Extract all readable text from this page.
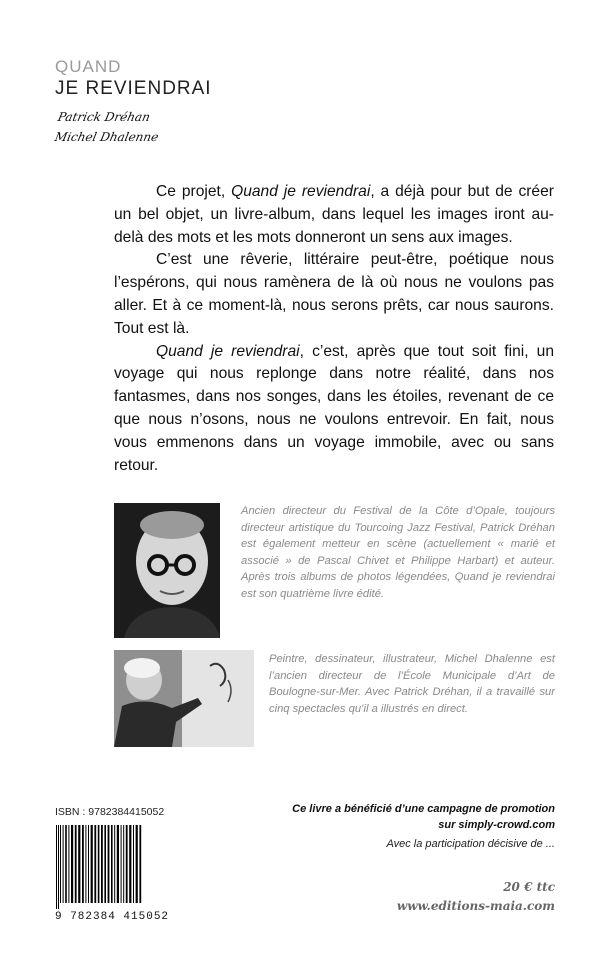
QUAND
JE REVIENDRAI
Patrick Dréhan
Michel Dhalenne

Ce projet, Quand je reviendrai, a déjà pour but de créer un bel objet, un livre-album, dans lequel les images iront au-delà des mots et les mots donneront un sens aux images.

C’est une rêverie, littéraire peut-être, poétique nous l’espérons, qui nous ramènera de là où nous ne voulons pas aller. Et à ce moment-là, nous serons prêts, car nous saurons. Tout est là.

Quand je reviendrai, c’est, après que tout soit fini, un voyage qui nous replonge dans notre réalité, dans nos fantasmes, dans nos songes, dans les étoiles, revenant de ce que nous n’osons, nous ne voulons entrevoir. En fait, nous vous emmenons dans un voyage immobile, avec ou sans retour.

Ancien directeur du Festival de la Côte d’Opale, toujours directeur artistique du Tourcoing Jazz Festival, Patrick Dréhan est également metteur en scène (actuellement « marié et associé » de Pascal Chivet et Philippe Harbart) et auteur. Après trois albums de photos légendées, Quand je reviendrai est son quatrième livre édité.

Peintre, dessinateur, illustrateur, Michel Dhalenne est l’ancien directeur de l’École Municipale d’Art de Boulogne-sur-Mer. Avec Patrick Dréhan, il a travaillé sur cinq spectacles qu’il a illustrés en direct.

ISBN : 9782384415052
9 782384 415052
Ce livre a bénéficié d’une campagne de promotion
sur simply-crowd.com
Avec la participation décisive de ...
20 € ttc
www.editions-maia.com
